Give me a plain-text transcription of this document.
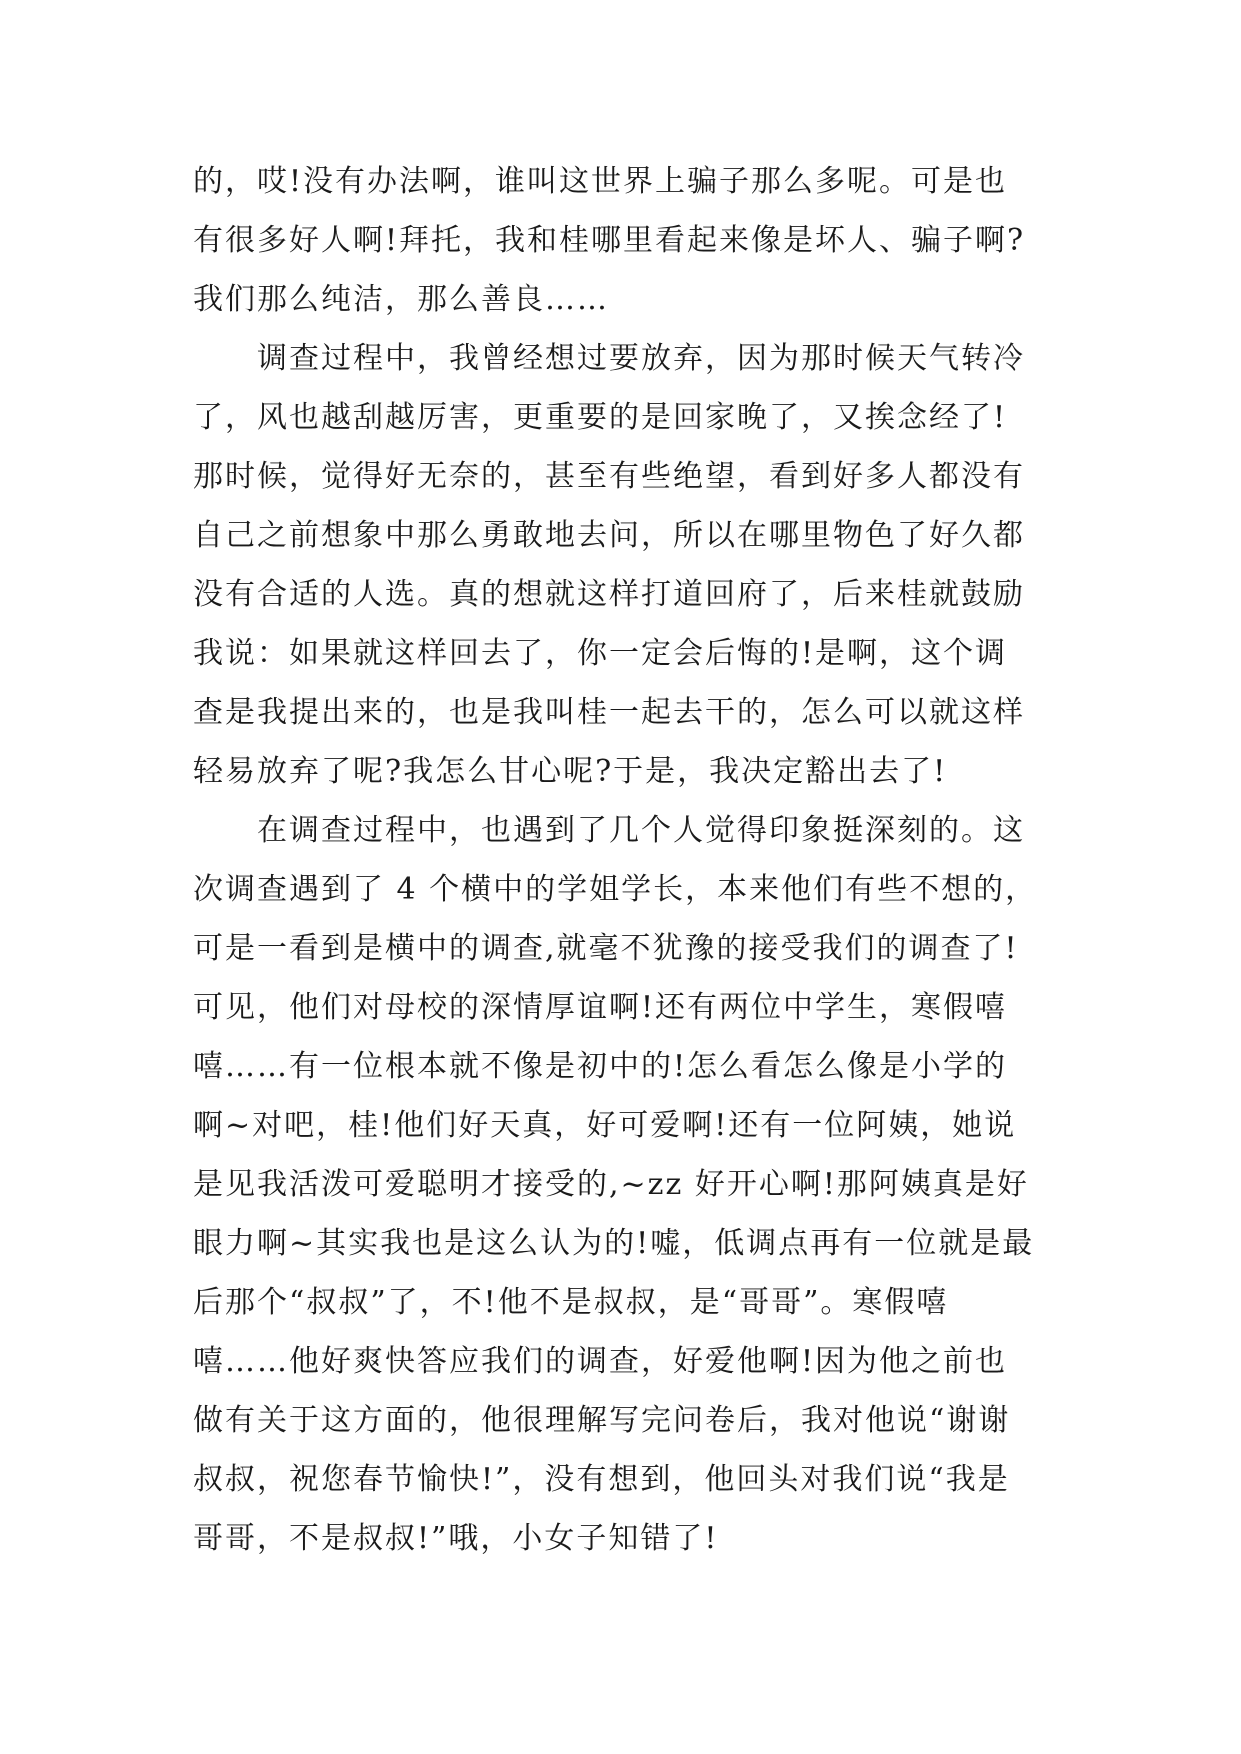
的，哎!没有办法啊，谁叫这世界上骗子那么多呢。可是也
有很多好人啊!拜托，我和桂哪里看起来像是坏人、骗子啊?
我们那么纯洁，那么善良……
调查过程中，我曾经想过要放弃，因为那时候天气转冷
了，风也越刮越厉害，更重要的是回家晚了，又挨念经了!
那时候，觉得好无奈的，甚至有些绝望，看到好多人都没有
自己之前想象中那么勇敢地去问，所以在哪里物色了好久都
没有合适的人选。真的想就这样打道回府了，后来桂就鼓励
我说：如果就这样回去了，你一定会后悔的!是啊，这个调
查是我提出来的，也是我叫桂一起去干的，怎么可以就这样
轻易放弃了呢?我怎么甘心呢?于是，我决定豁出去了!
在调查过程中，也遇到了几个人觉得印象挺深刻的。这
次调查遇到了 4 个横中的学姐学长，本来他们有些不想的，
可是一看到是横中的调查,就毫不犹豫的接受我们的调查了!
可见，他们对母校的深情厚谊啊!还有两位中学生，寒假嘻
嘻……有一位根本就不像是初中的!怎么看怎么像是小学的
啊~对吧，桂!他们好天真，好可爱啊!还有一位阿姨，她说
是见我活泼可爱聪明才接受的,~zz 好开心啊!那阿姨真是好
眼力啊~其实我也是这么认为的!嘘，低调点再有一位就是最
后那个“叔叔”了，不!他不是叔叔，是“哥哥”。寒假嘻
嘻……他好爽快答应我们的调查，好爱他啊!因为他之前也
做有关于这方面的，他很理解写完问卷后，我对他说“谢谢
叔叔，祝您春节愉快!”，没有想到，他回头对我们说“我是
哥哥，不是叔叔!”哦，小女子知错了!
